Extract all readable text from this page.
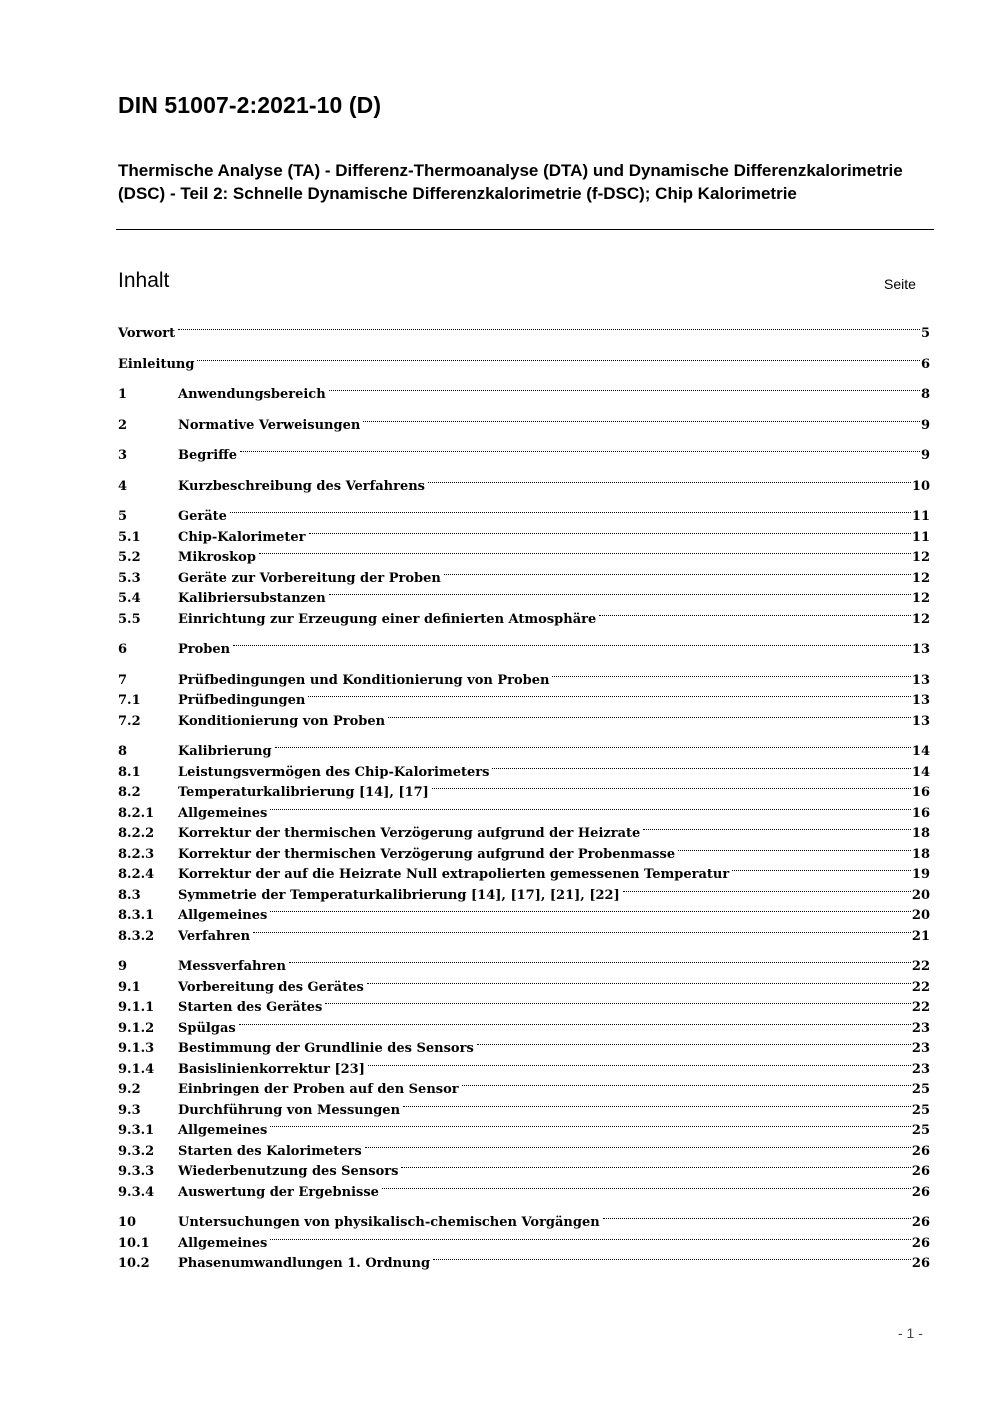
DIN 51007-2:2021-10 (D)
Thermische Analyse (TA) - Differenz-Thermoanalyse (DTA) und Dynamische Differenzkalorimetrie (DSC) - Teil 2: Schnelle Dynamische Differenzkalorimetrie (f-DSC); Chip Kalorimetrie
Inhalt	Seite
Vorwort	5
Einleitung	6
1	Anwendungsbereich	8
2	Normative Verweisungen	9
3	Begriffe	9
4	Kurzbeschreibung des Verfahrens	10
5	Geräte	11
5.1	Chip-Kalorimeter	11
5.2	Mikroskop	12
5.3	Geräte zur Vorbereitung der Proben	12
5.4	Kalibriersubstanzen	12
5.5	Einrichtung zur Erzeugung einer definierten Atmosphäre	12
6	Proben	13
7	Prüfbedingungen und Konditionierung von Proben	13
7.1	Prüfbedingungen	13
7.2	Konditionierung von Proben	13
8	Kalibrierung	14
8.1	Leistungsvermögen des Chip-Kalorimeters	14
8.2	Temperaturkalibrierung [14], [17]	16
8.2.1	Allgemeines	16
8.2.2	Korrektur der thermischen Verzögerung aufgrund der Heizrate	18
8.2.3	Korrektur der thermischen Verzögerung aufgrund der Probenmasse	18
8.2.4	Korrektur der auf die Heizrate Null extrapolierten gemessenen Temperatur	19
8.3	Symmetrie der Temperaturkalibrierung [14], [17], [21], [22]	20
8.3.1	Allgemeines	20
8.3.2	Verfahren	21
9	Messverfahren	22
9.1	Vorbereitung des Gerätes	22
9.1.1	Starten des Gerätes	22
9.1.2	Spülgas	23
9.1.3	Bestimmung der Grundlinie des Sensors	23
9.1.4	Basislinienkorrektur [23]	23
9.2	Einbringen der Proben auf den Sensor	25
9.3	Durchführung von Messungen	25
9.3.1	Allgemeines	25
9.3.2	Starten des Kalorimeters	26
9.3.3	Wiederbenutzung des Sensors	26
9.3.4	Auswertung der Ergebnisse	26
10	Untersuchungen von physikalisch-chemischen Vorgängen	26
10.1	Allgemeines	26
10.2	Phasenumwandlungen 1. Ordnung	26
- 1 -
